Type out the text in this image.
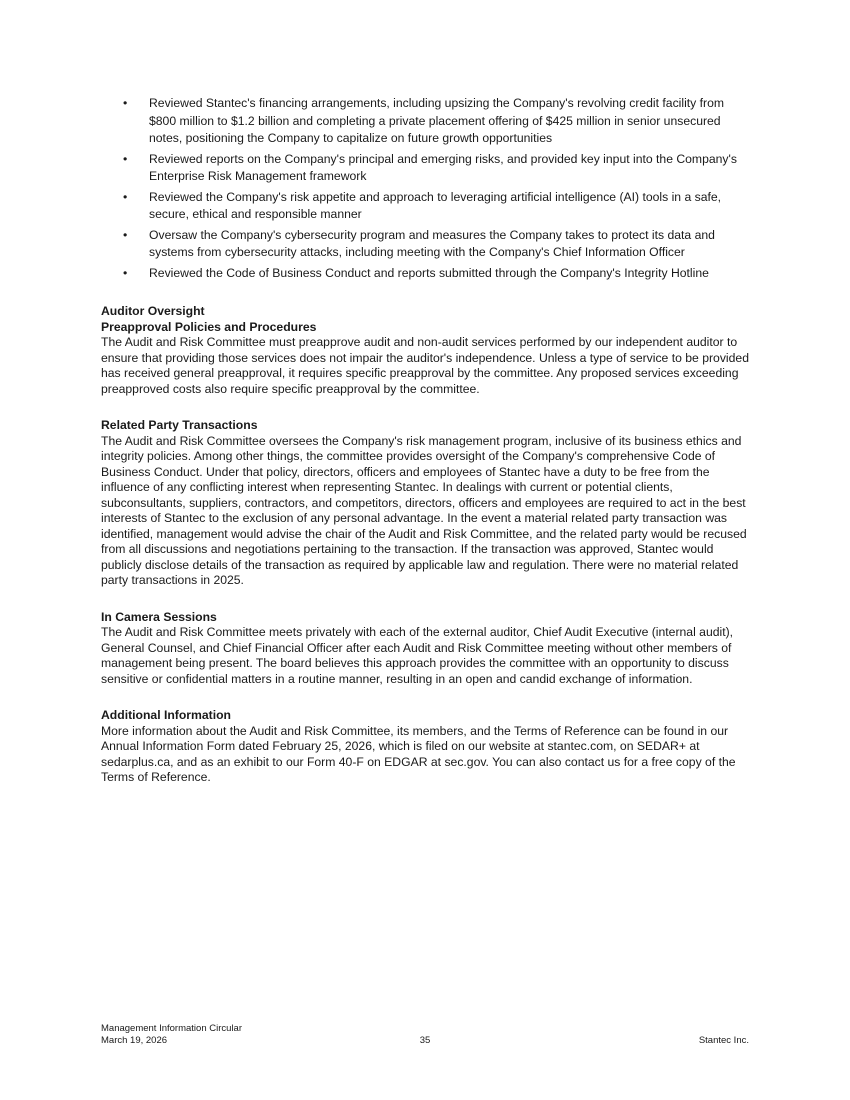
• Reviewed Stantec's financing arrangements, including upsizing the Company's revolving credit facility from $800 million to $1.2 billion and completing a private placement offering of $425 million in senior unsecured notes, positioning the Company to capitalize on future growth opportunities
• Reviewed reports on the Company's principal and emerging risks, and provided key input into the Company's Enterprise Risk Management framework
• Reviewed the Company's risk appetite and approach to leveraging artificial intelligence (AI) tools in a safe, secure, ethical and responsible manner
• Oversaw the Company's cybersecurity program and measures the Company takes to protect its data and systems from cybersecurity attacks, including meeting with the Company's Chief Information Officer
• Reviewed the Code of Business Conduct and reports submitted through the Company's Integrity Hotline
Auditor Oversight
Preapproval Policies and Procedures

The Audit and Risk Committee must preapprove audit and non-audit services performed by our independent auditor to ensure that providing those services does not impair the auditor's independence. Unless a type of service to be provided has received general preapproval, it requires specific preapproval by the committee. Any proposed services exceeding preapproved costs also require specific preapproval by the committee.

Related Party Transactions

The Audit and Risk Committee oversees the Company's risk management program, inclusive of its business ethics and integrity policies. Among other things, the committee provides oversight of the Company's comprehensive Code of Business Conduct. Under that policy, directors, officers and employees of Stantec have a duty to be free from the influence of any conflicting interest when representing Stantec. In dealings with current or potential clients, subconsultants, suppliers, contractors, and competitors, directors, officers and employees are required to act in the best interests of Stantec to the exclusion of any personal advantage. In the event a material related party transaction was identified, management would advise the chair of the Audit and Risk Committee, and the related party would be recused from all discussions and negotiations pertaining to the transaction. If the transaction was approved, Stantec would publicly disclose details of the transaction as required by applicable law and regulation. There were no material related party transactions in 2025.

In Camera Sessions

The Audit and Risk Committee meets privately with each of the external auditor, Chief Audit Executive (internal audit), General Counsel, and Chief Financial Officer after each Audit and Risk Committee meeting without other members of management being present. The board believes this approach provides the committee with an opportunity to discuss sensitive or confidential matters in a routine manner, resulting in an open and candid exchange of information.

Additional Information

More information about the Audit and Risk Committee, its members, and the Terms of Reference can be found in our Annual Information Form dated February 25, 2026, which is filed on our website at stantec.com, on SEDAR+ at sedarplus.ca, and as an exhibit to our Form 40-F on EDGAR at sec.gov. You can also contact us for a free copy of the Terms of Reference.

Management Information Circular
March 19, 2026	35	Stantec Inc.
